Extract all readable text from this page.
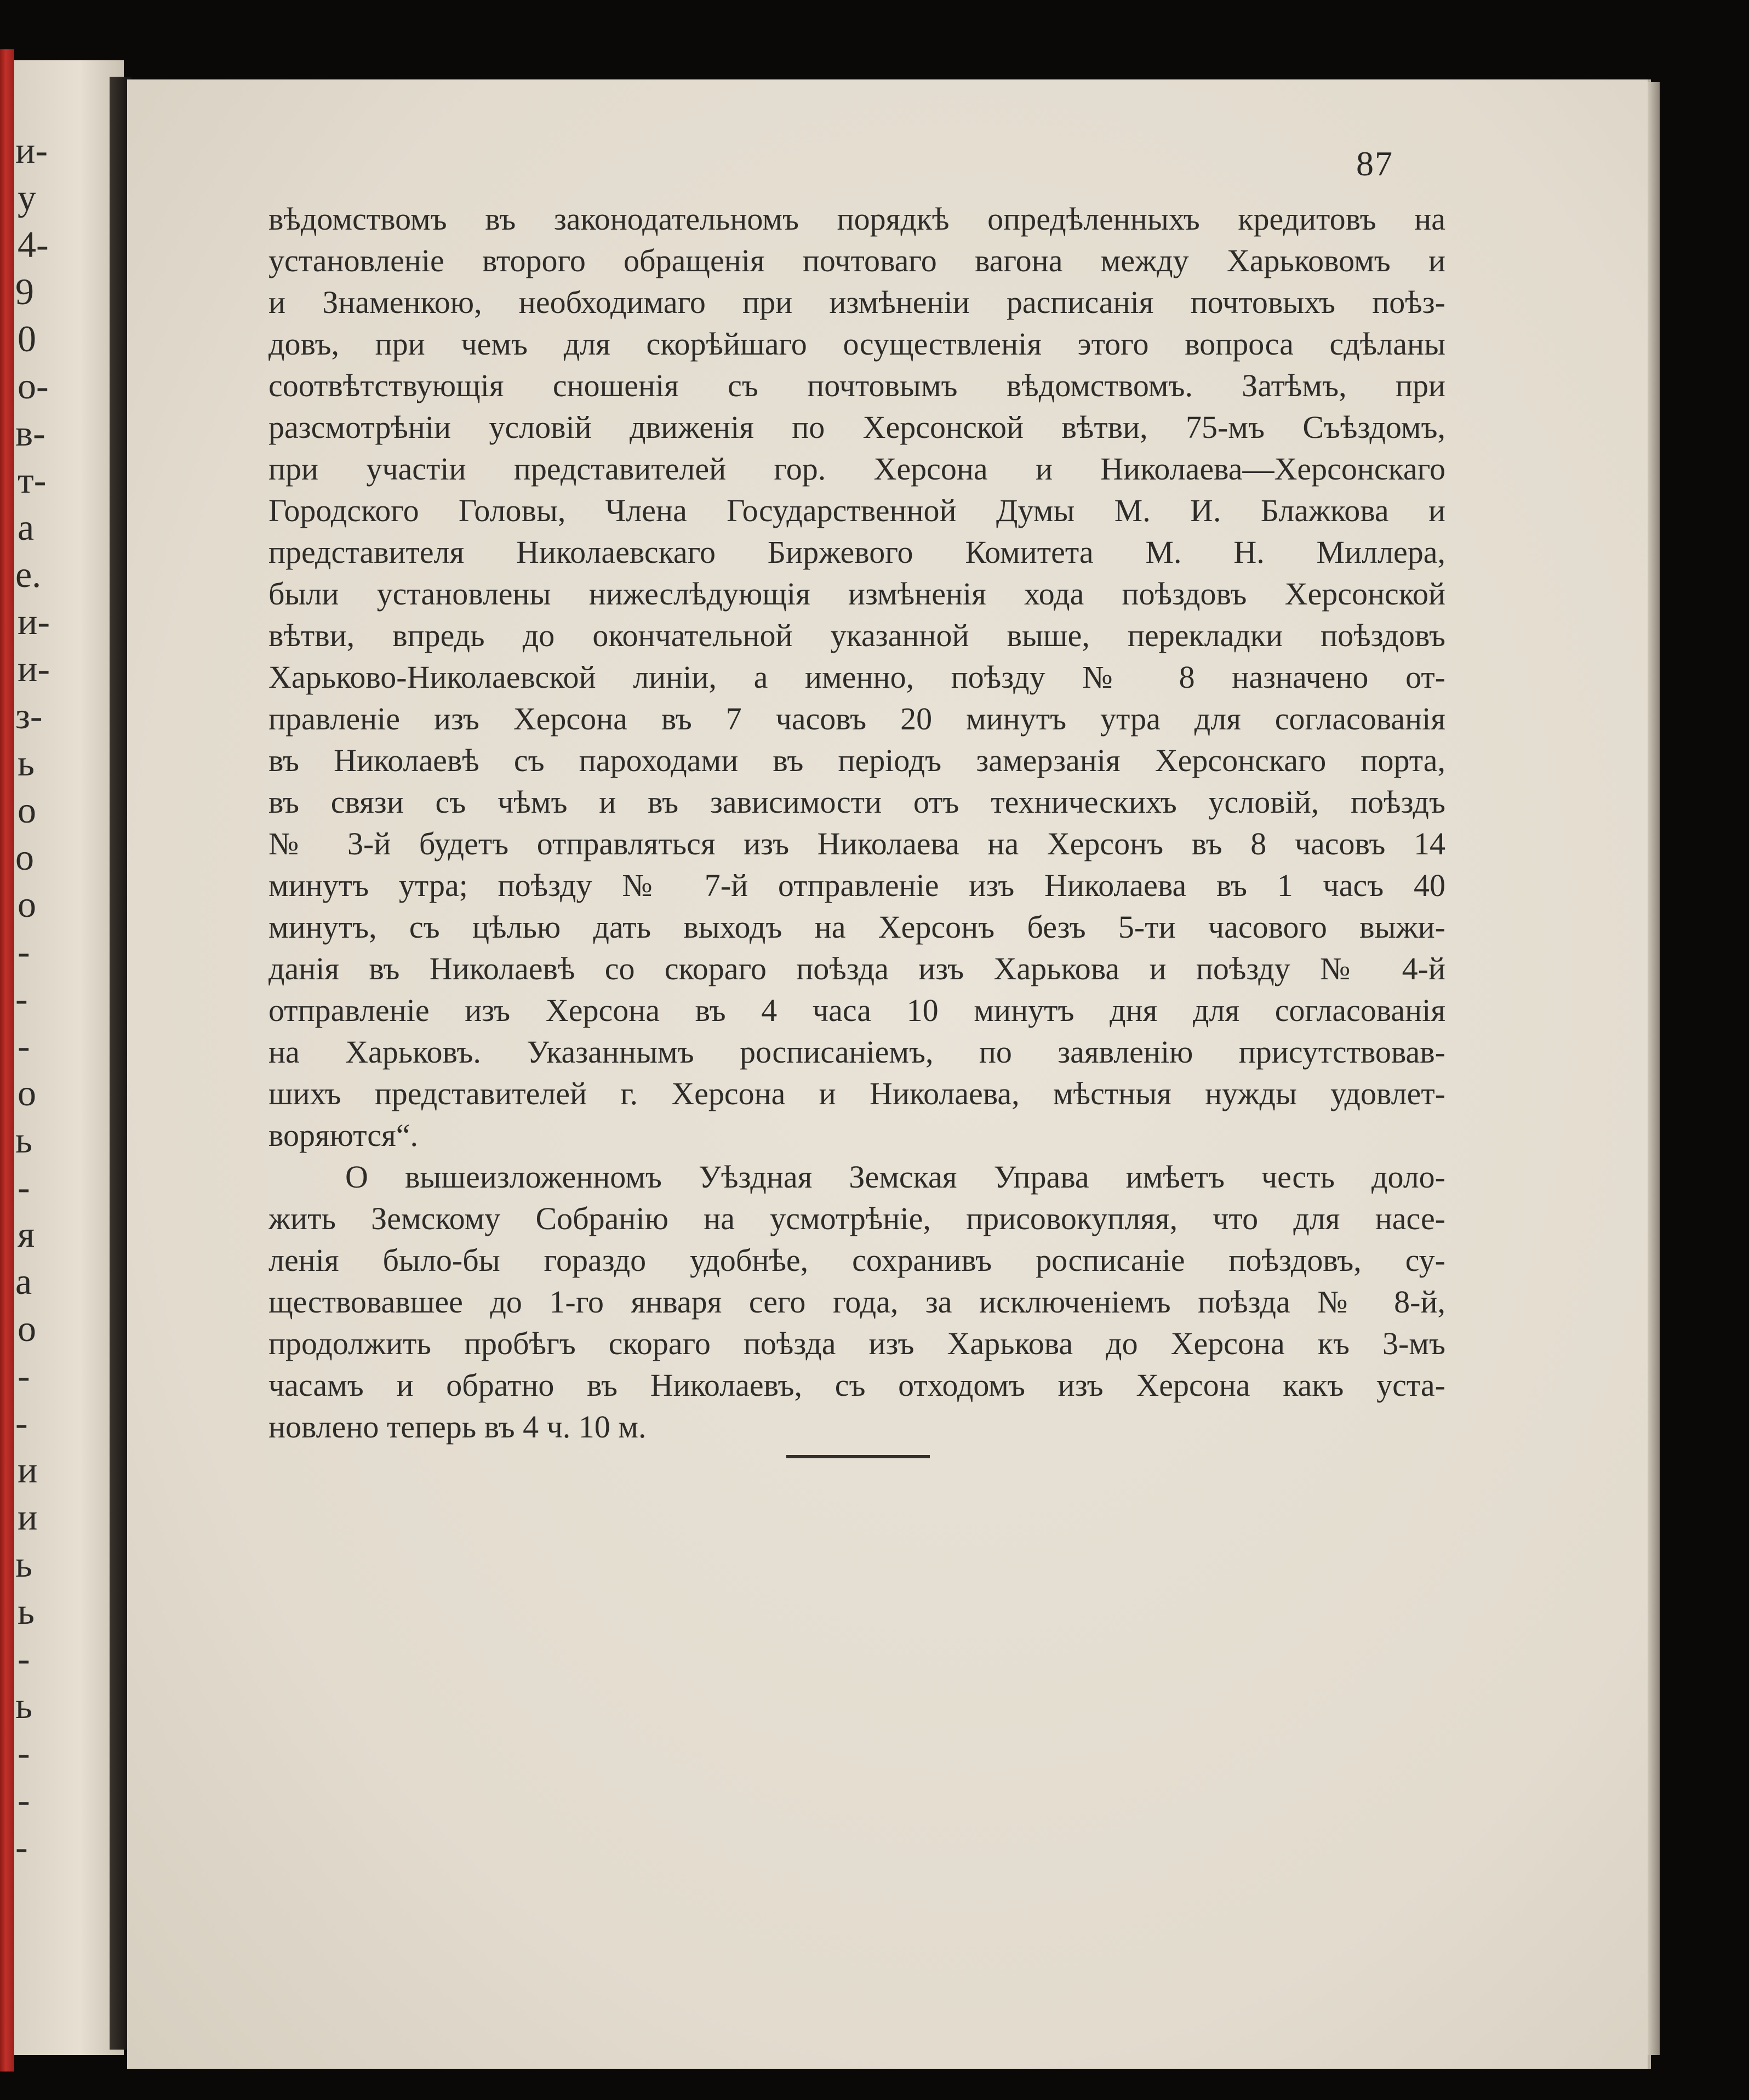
и-
у
4-
9
0
о-
в-
т-
а
е.
и-
и-
з-
ь
о
о
о
-
-
-
о
ь
-
я
а
о
-
-
и
и
ь
ь
-
ь
-
-
-
87
вѣдомствомъ въ законодательномъ порядкѣ опредѣленныхъ кредитовъ на
установленіе второго обращенія почтоваго вагона между Харьковомъ и
и Знаменкою, необходимаго при измѣненіи расписанія почтовыхъ поѣз-
довъ, при чемъ для скорѣйшаго осуществленія этого вопроса сдѣланы
соотвѣтствующія сношенія съ почтовымъ вѣдомствомъ. Затѣмъ, при
разсмотрѣніи условій движенія по Херсонской вѣтви, 75-мъ Съѣздомъ,
при участіи представителей гор. Херсона и Николаева—Херсонскаго
Городского Головы, Члена Государственной Думы М. И. Блажкова и
представителя Николаевскаго Биржевого Комитета М. Н. Миллера,
были установлены нижеслѣдующія измѣненія хода поѣздовъ Херсонской
вѣтви, впредь до окончательной указанной выше, перекладки поѣздовъ
Харьково-Николаевской линіи, а именно, поѣзду № 8 назначено от-
правленіе изъ Херсона въ 7 часовъ 20 минутъ утра для согласованія
въ Николаевѣ съ пароходами въ періодъ замерзанія Херсонскаго порта,
въ связи съ чѣмъ и въ зависимости отъ техническихъ условій, поѣздъ
№ 3-й будетъ отправляться изъ Николаева на Херсонъ въ 8 часовъ 14
минутъ утра; поѣзду № 7-й отправленіе изъ Николаева въ 1 часъ 40
минутъ, съ цѣлью дать выходъ на Херсонъ безъ 5-ти часового выжи-
данія въ Николаевѣ со скораго поѣзда изъ Харькова и поѣзду № 4-й
отправленіе изъ Херсона въ 4 часа 10 минутъ дня для согласованія
на Харьковъ. Указаннымъ росписаніемъ, по заявленію присутствовав-
шихъ представителей г. Херсона и Николаева, мѣстныя нужды удовлет-
воряются“.
О вышеизложенномъ Уѣздная Земская Управа имѣетъ честь доло-
жить Земскому Собранію на усмотрѣніе, присовокупляя, что для насе-
ленія было-бы гораздо удобнѣе, сохранивъ росписаніе поѣздовъ, су-
ществовавшее до 1-го января сего года, за исключеніемъ поѣзда № 8-й,
продолжить пробѣгъ скораго поѣзда изъ Харькова до Херсона къ 3-мъ
часамъ и обратно въ Николаевъ, съ отходомъ изъ Херсона какъ уста-
новлено теперь въ 4 ч. 10 м.
